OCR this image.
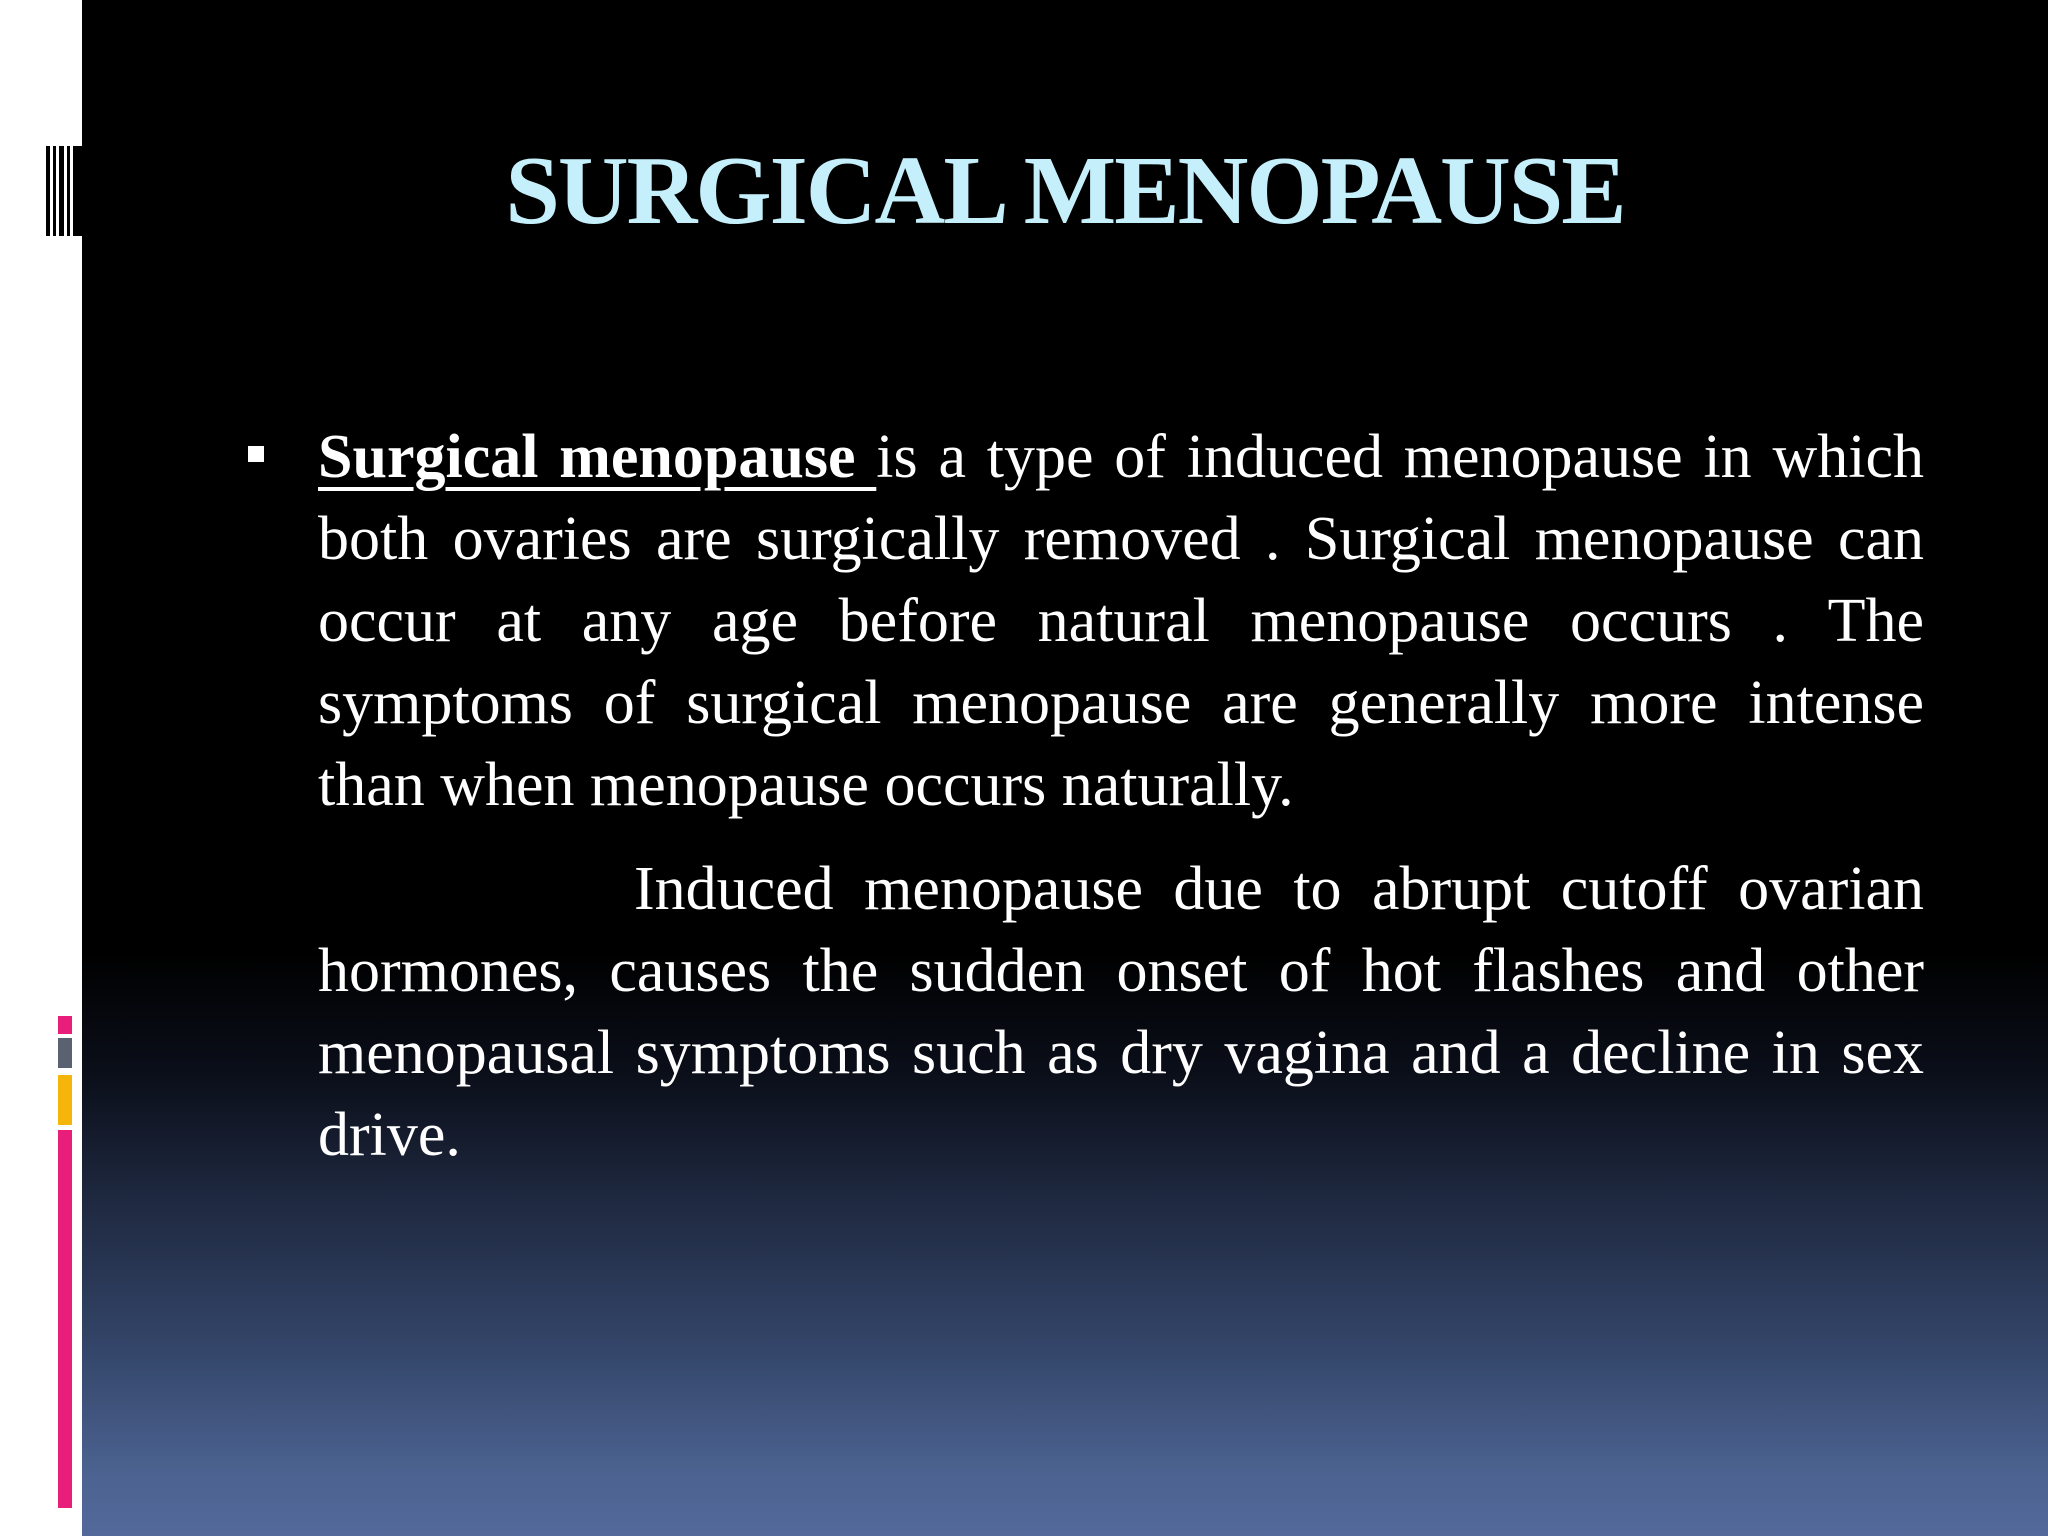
SURGICAL MENOPAUSE

Surgical menopause is a type of induced menopause in which both ovaries are surgically removed . Surgical menopause can occur at any age before natural menopause occurs . The symptoms of surgical menopause are generally more intense than when menopause occurs naturally.

Induced menopause due to abrupt cutoff ovarian hormones, causes the sudden onset of hot flashes and other menopausal symptoms such as dry vagina and a decline in sex drive.
